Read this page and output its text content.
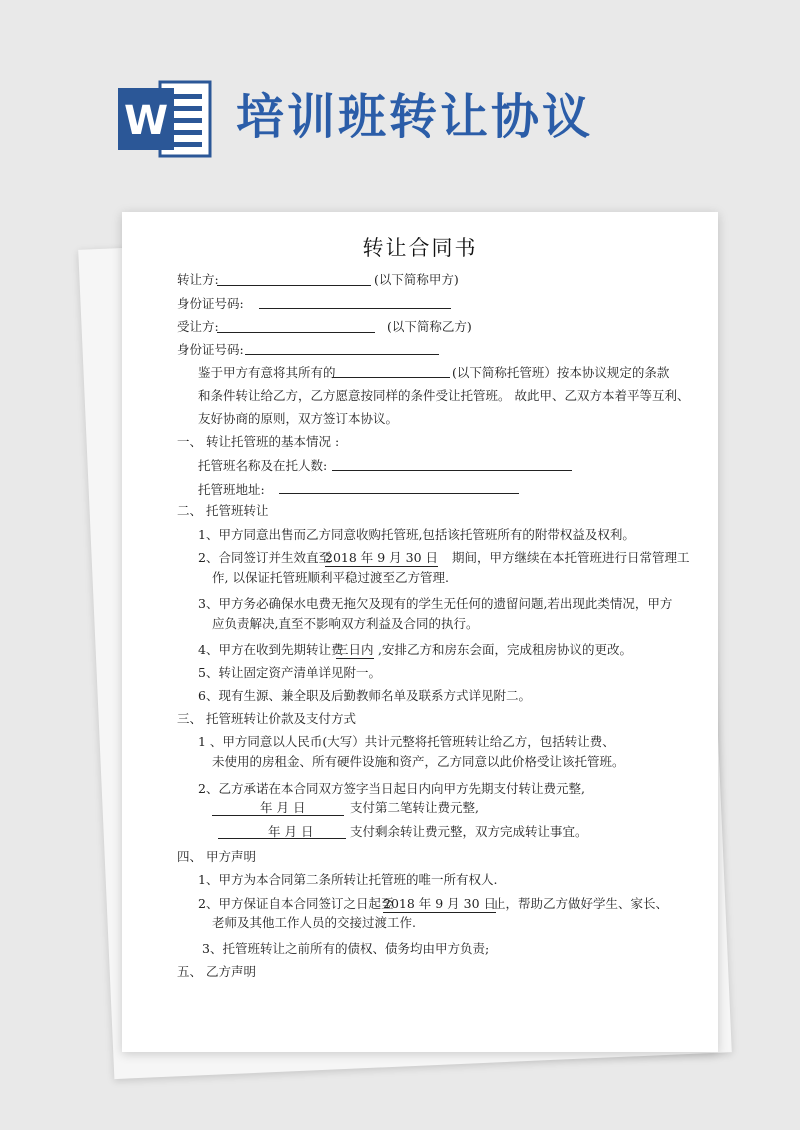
W 培训班转让协议
转让合同书
转让方:	(以下简称甲方)
身份证号码:
受让方:	(以下简称乙方)
身份证号码:
鉴于甲方有意将其所有的	(以下简称托管班）按本协议规定的条款
和条件转让给乙方，乙方愿意按同样的条件受让托管班。 故此甲、乙双方本着平等互利、
友好协商的原则，双方签订本协议。
一、 转让托管班的基本情况 :
托管班名称及在托人数:
托管班地址:
二、 托管班转让
1、甲方同意出售而乙方同意收购托管班,包括该托管班所有的附带权益及权利。
2、合同签订并生效直至
2018 年 9 月 30 日 期间，甲方继续在本托管班进行日常管理工
作, 以保证托管班顺利平稳过渡至乙方管理.
3、甲方务必确保水电费无拖欠及现有的学生无任何的遗留问题,若出现此类情况，甲方
应负责解决,直至不影响双方利益及合同的执行。
4、甲方在收到先期转让费
三日内 ,安排乙方和房东会面，完成租房协议的更改。
5、转让固定资产清单详见附一。
6、现有生源、兼全职及后勤教师名单及联系方式详见附二。
三、 托管班转让价款及支付方式
1 、甲方同意以人民币(大写）共计元整将托管班转让给乙方，包括转让费、
未使用的房租金、所有硬件设施和资产，乙方同意以此价格受让该托管班。
2、乙方承诺在本合同双方签字当日起日内向甲方先期支付转让费元整,
年 月 日	支付第二笔转让费元整,
年 月 日	支付剩余转让费元整，双方完成转让事宜。
四、 甲方声明
1、甲方为本合同第二条所转让托管班的唯一所有权人.
2、甲方保证自本合同签订之日起至
2018 年 9 月 30 日
止，帮助乙方做好学生、家长、
老师及其他工作人员的交接过渡工作.
3、托管班转让之前所有的债权、债务均由甲方负责;
五、 乙方声明
